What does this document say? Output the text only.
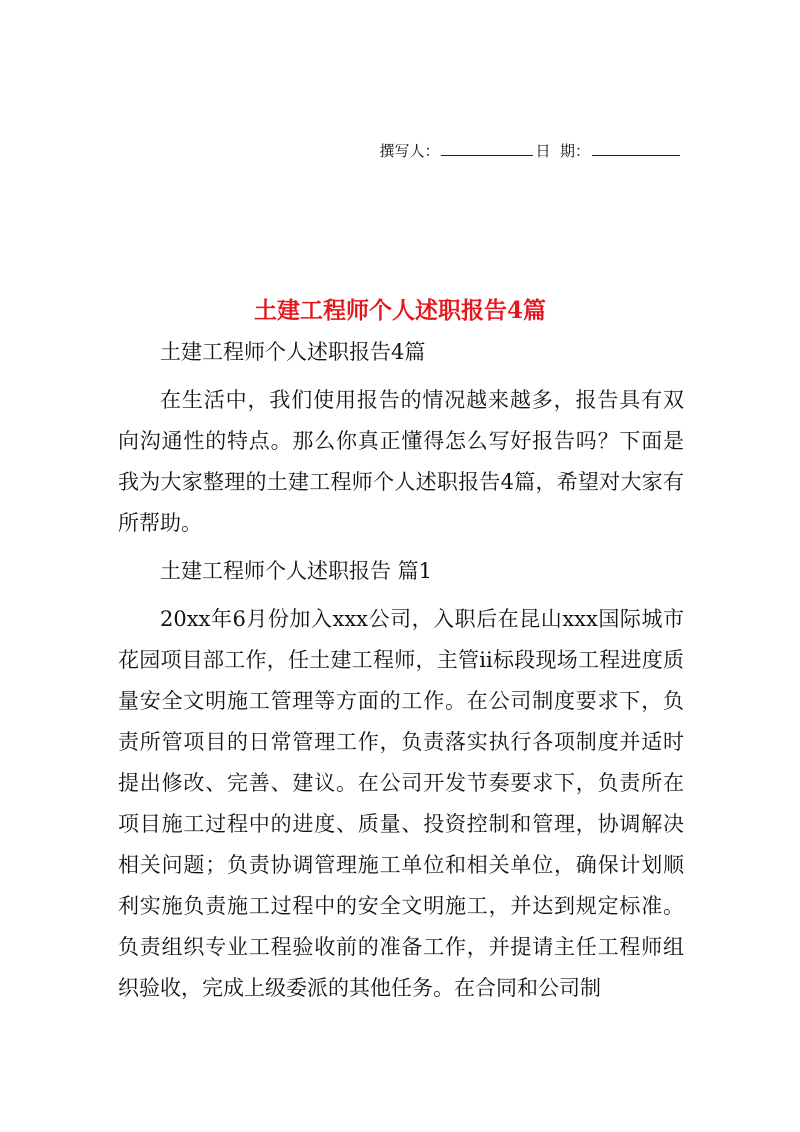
撰写人：	日  期：
土建工程师个人述职报告4篇

土建工程师个人述职报告4篇

在生活中，我们使用报告的情况越来越多，报告具有双向沟通性的特点。那么你真正懂得怎么写好报告吗？下面是我为大家整理的土建工程师个人述职报告4篇，希望对大家有所帮助。

土建工程师个人述职报告 篇1

20xx年6月份加入xxx公司，入职后在昆山xxx国际城市花园项目部工作，任土建工程师，主管ii标段现场工程进度质量安全文明施工管理等方面的工作。在公司制度要求下，负责所管项目的日常管理工作，负责落实执行各项制度并适时提出修改、完善、建议。在公司开发节奏要求下，负责所在项目施工过程中的进度、质量、投资控制和管理，协调解决相关问题；负责协调管理施工单位和相关单位，确保计划顺利实施负责施工过程中的安全文明施工，并达到规定标准。负责组织专业工程验收前的准备工作，并提请主任工程师组织验收，完成上级委派的其他任务。在合同和公司制
